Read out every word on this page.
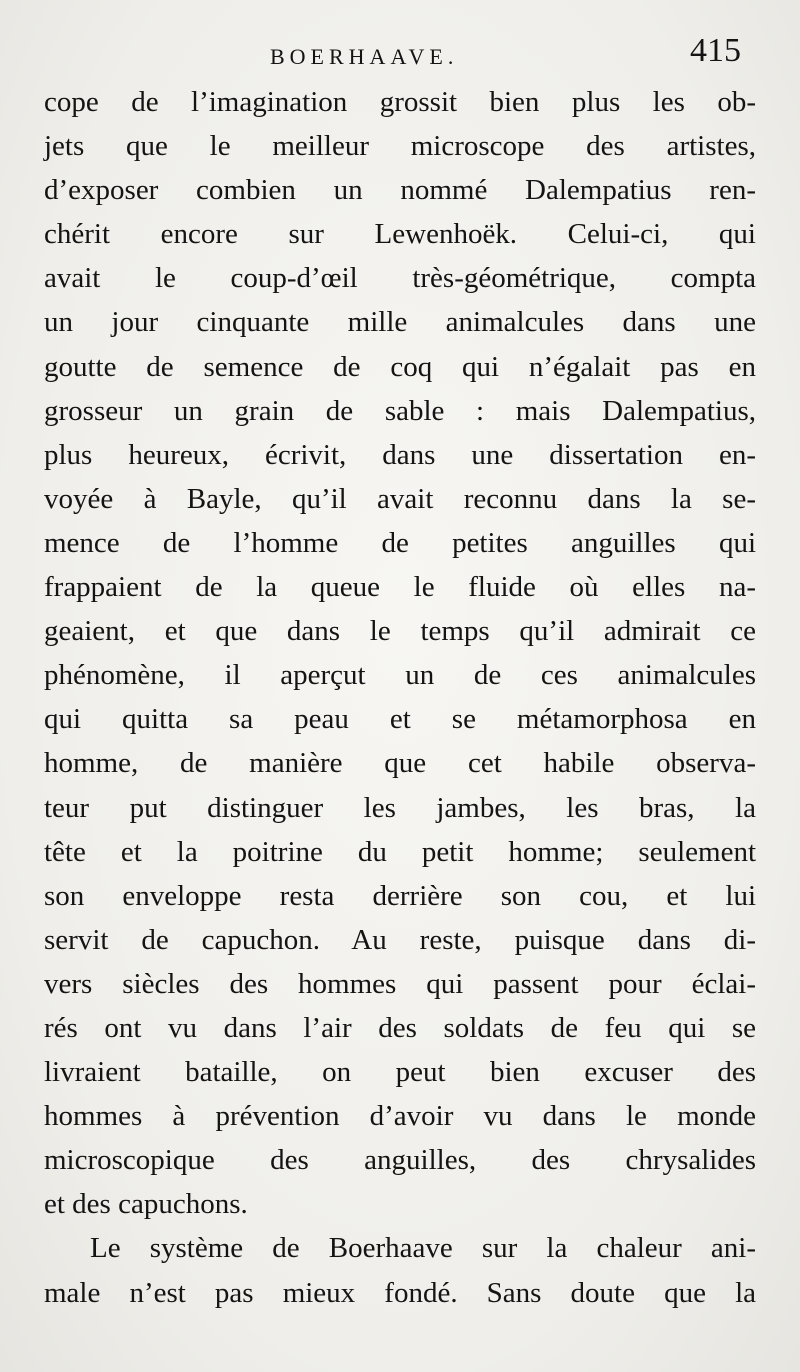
BOERHAAVE.	415
cope de l’imagination grossit bien plus les ob-
jets que le meilleur microscope des artistes,
d’exposer combien un nommé Dalempatius ren-
chérit encore sur Lewenhoëk. Celui-ci, qui
avait le coup-d’œil très-géométrique, compta
un jour cinquante mille animalcules dans une
goutte de semence de coq qui n’égalait pas en
grosseur un grain de sable : mais Dalempatius,
plus heureux, écrivit, dans une dissertation en-
voyée à Bayle, qu’il avait reconnu dans la se-
mence de l’homme de petites anguilles qui
frappaient de la queue le fluide où elles na-
geaient, et que dans le temps qu’il admirait ce
phénomène, il aperçut un de ces animalcules
qui quitta sa peau et se métamorphosa en
homme, de manière que cet habile observa-
teur put distinguer les jambes, les bras, la
tête et la poitrine du petit homme; seulement
son enveloppe resta derrière son cou, et lui
servit de capuchon. Au reste, puisque dans di-
vers siècles des hommes qui passent pour éclai-
rés ont vu dans l’air des soldats de feu qui se
livraient bataille, on peut bien excuser des
hommes à prévention d’avoir vu dans le monde
microscopique des anguilles, des chrysalides
et des capuchons.
Le système de Boerhaave sur la chaleur ani-
male n’est pas mieux fondé. Sans doute que la
